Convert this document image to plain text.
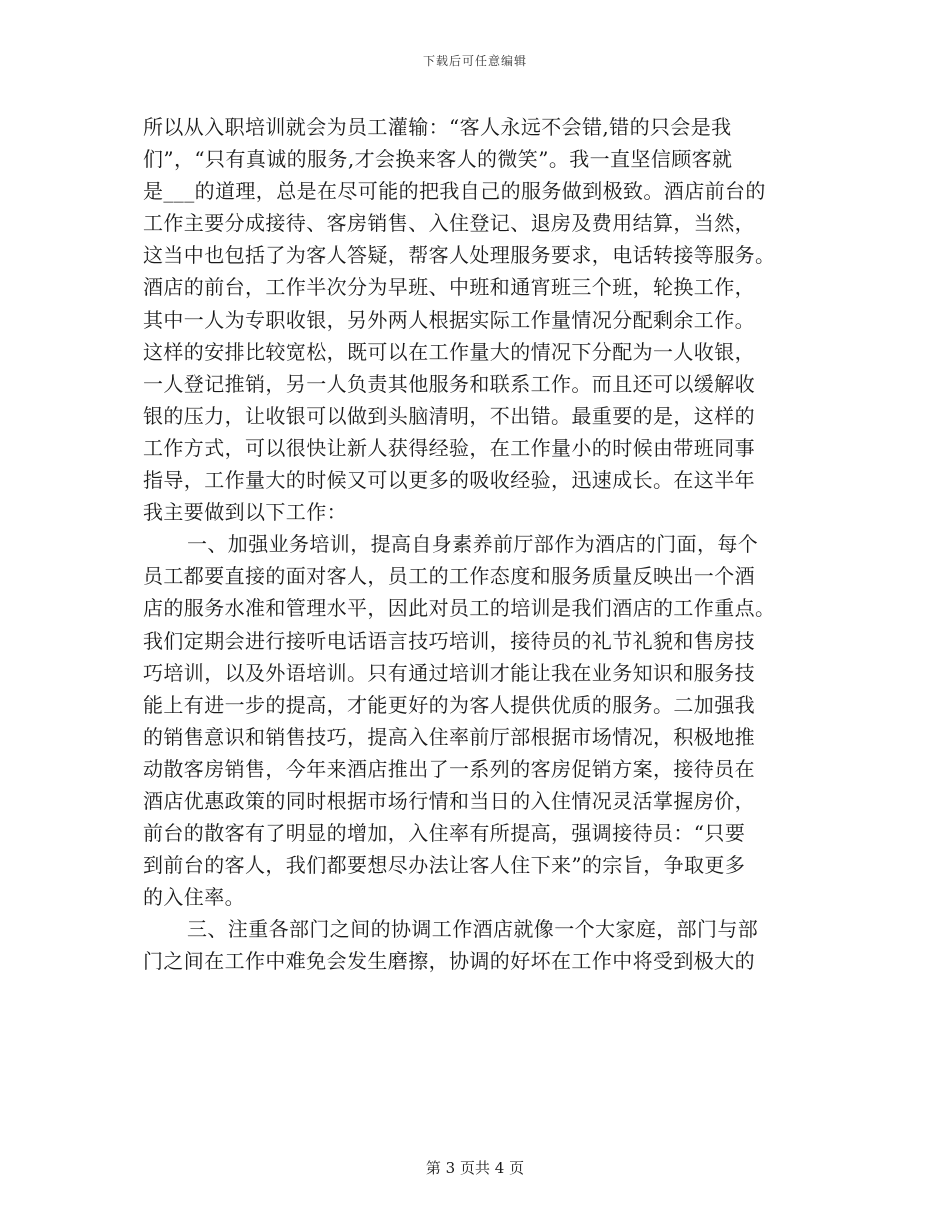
下载后可任意编辑
所以从入职培训就会为员工灌输：“客人永远不会错,错的只会是我
们”，“只有真诚的服务,才会换来客人的微笑”。我一直坚信顾客就
是___的道理，总是在尽可能的把我自己的服务做到极致。酒店前台的
工作主要分成接待、客房销售、入住登记、退房及费用结算，当然，
这当中也包括了为客人答疑，帮客人处理服务要求，电话转接等服务。
酒店的前台，工作半次分为早班、中班和通宵班三个班，轮换工作，
其中一人为专职收银，另外两人根据实际工作量情况分配剩余工作。
这样的安排比较宽松，既可以在工作量大的情况下分配为一人收银，
一人登记推销，另一人负责其他服务和联系工作。而且还可以缓解收
银的压力，让收银可以做到头脑清明，不出错。最重要的是，这样的
工作方式，可以很快让新人获得经验，在工作量小的时候由带班同事
指导，工作量大的时候又可以更多的吸收经验，迅速成长。在这半年
我主要做到以下工作：
一、加强业务培训，提高自身素养前厅部作为酒店的门面，每个
员工都要直接的面对客人，员工的工作态度和服务质量反映出一个酒
店的服务水准和管理水平，因此对员工的培训是我们酒店的工作重点。
我们定期会进行接听电话语言技巧培训，接待员的礼节礼貌和售房技
巧培训，以及外语培训。只有通过培训才能让我在业务知识和服务技
能上有进一步的提高，才能更好的为客人提供优质的服务。二加强我
的销售意识和销售技巧，提高入住率前厅部根据市场情况，积极地推
动散客房销售，今年来酒店推出了一系列的客房促销方案，接待员在
酒店优惠政策的同时根据市场行情和当日的入住情况灵活掌握房价，
前台的散客有了明显的增加，入住率有所提高，强调接待员：“只要
到前台的客人，我们都要想尽办法让客人住下来”的宗旨，争取更多
的入住率。
三、注重各部门之间的协调工作酒店就像一个大家庭，部门与部
门之间在工作中难免会发生磨擦，协调的好坏在工作中将受到极大的
第 3 页共 4 页
